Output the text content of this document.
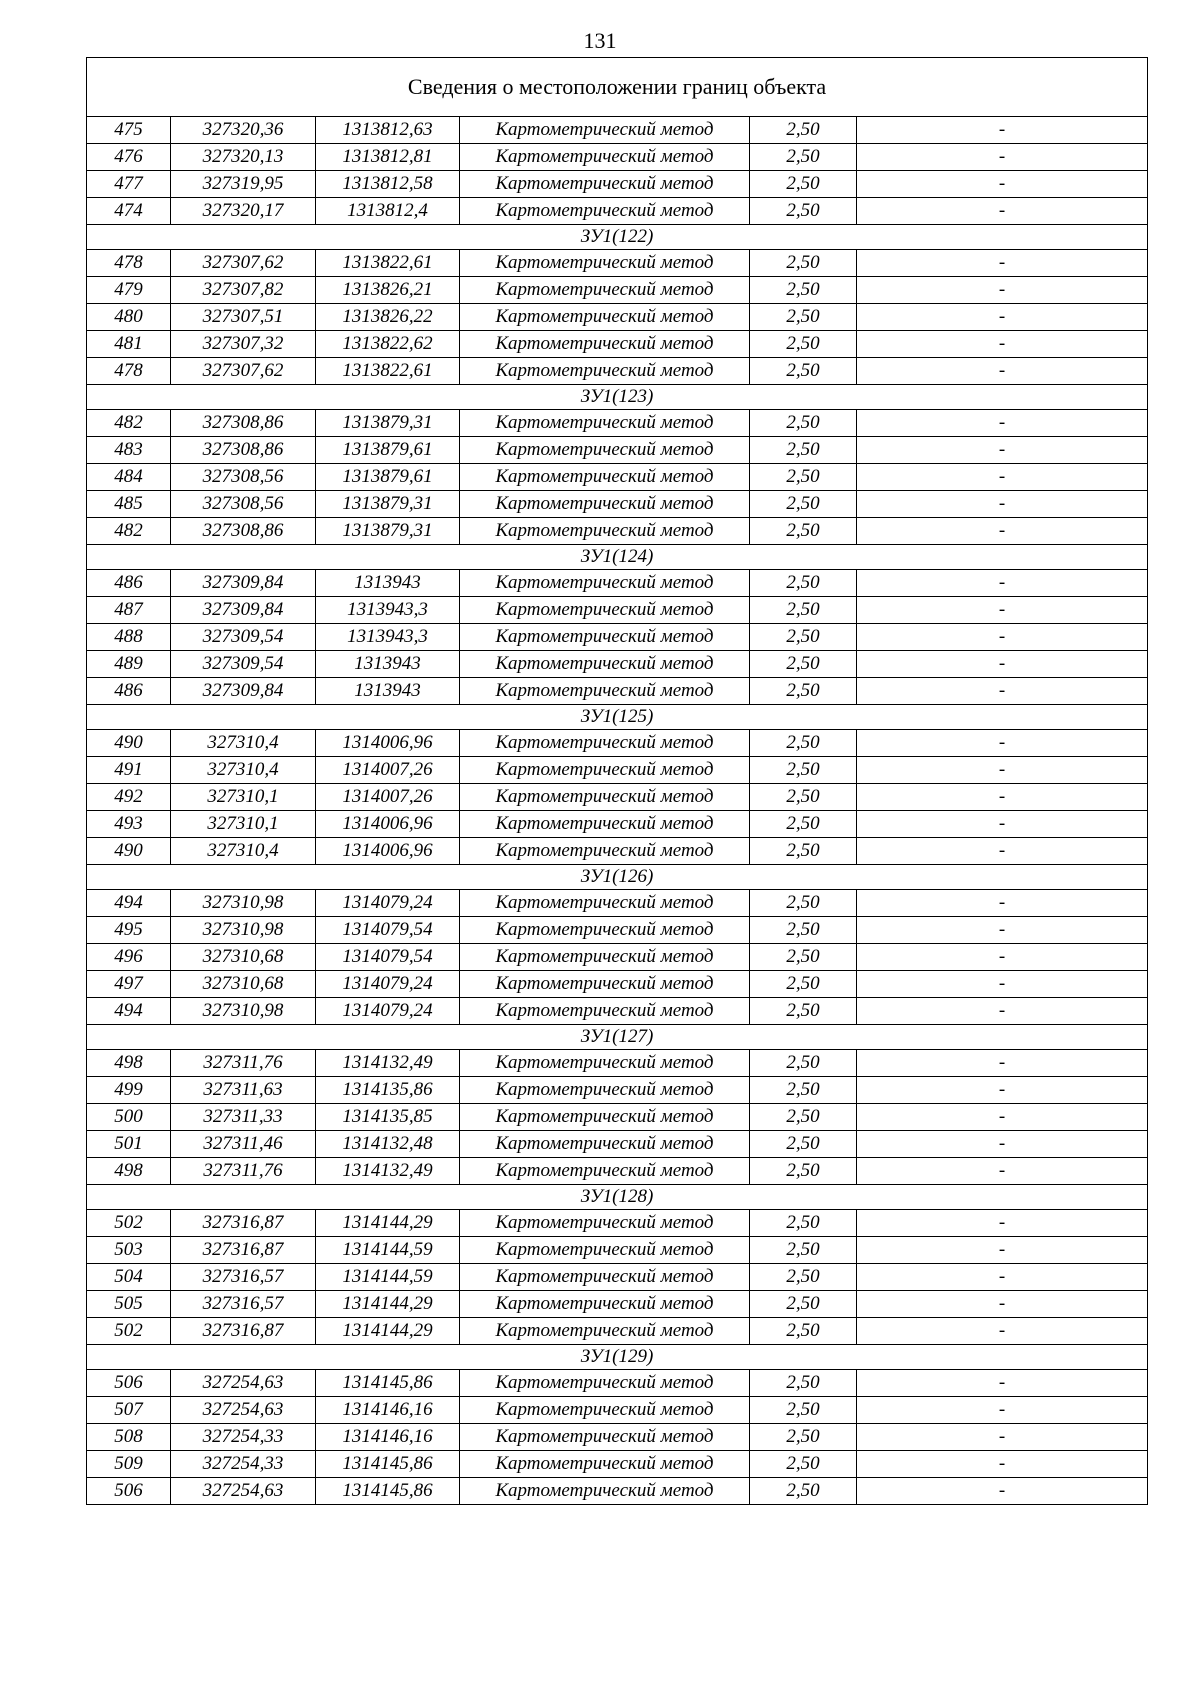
131
Сведения о местоположении границ объекта					
475	327320,36	1313812,63	Картометрический метод	2,50	-
476	327320,13	1313812,81	Картометрический метод	2,50	-
477	327319,95	1313812,58	Картометрический метод	2,50	-
474	327320,17	1313812,4	Картометрический метод	2,50	-
ЗУ1(122)					
478	327307,62	1313822,61	Картометрический метод	2,50	-
479	327307,82	1313826,21	Картометрический метод	2,50	-
480	327307,51	1313826,22	Картометрический метод	2,50	-
481	327307,32	1313822,62	Картометрический метод	2,50	-
478	327307,62	1313822,61	Картометрический метод	2,50	-
ЗУ1(123)					
482	327308,86	1313879,31	Картометрический метод	2,50	-
483	327308,86	1313879,61	Картометрический метод	2,50	-
484	327308,56	1313879,61	Картометрический метод	2,50	-
485	327308,56	1313879,31	Картометрический метод	2,50	-
482	327308,86	1313879,31	Картометрический метод	2,50	-
ЗУ1(124)					
486	327309,84	1313943	Картометрический метод	2,50	-
487	327309,84	1313943,3	Картометрический метод	2,50	-
488	327309,54	1313943,3	Картометрический метод	2,50	-
489	327309,54	1313943	Картометрический метод	2,50	-
486	327309,84	1313943	Картометрический метод	2,50	-
ЗУ1(125)					
490	327310,4	1314006,96	Картометрический метод	2,50	-
491	327310,4	1314007,26	Картометрический метод	2,50	-
492	327310,1	1314007,26	Картометрический метод	2,50	-
493	327310,1	1314006,96	Картометрический метод	2,50	-
490	327310,4	1314006,96	Картометрический метод	2,50	-
ЗУ1(126)					
494	327310,98	1314079,24	Картометрический метод	2,50	-
495	327310,98	1314079,54	Картометрический метод	2,50	-
496	327310,68	1314079,54	Картометрический метод	2,50	-
497	327310,68	1314079,24	Картометрический метод	2,50	-
494	327310,98	1314079,24	Картометрический метод	2,50	-
ЗУ1(127)					
498	327311,76	1314132,49	Картометрический метод	2,50	-
499	327311,63	1314135,86	Картометрический метод	2,50	-
500	327311,33	1314135,85	Картометрический метод	2,50	-
501	327311,46	1314132,48	Картометрический метод	2,50	-
498	327311,76	1314132,49	Картометрический метод	2,50	-
ЗУ1(128)					
502	327316,87	1314144,29	Картометрический метод	2,50	-
503	327316,87	1314144,59	Картометрический метод	2,50	-
504	327316,57	1314144,59	Картометрический метод	2,50	-
505	327316,57	1314144,29	Картометрический метод	2,50	-
502	327316,87	1314144,29	Картометрический метод	2,50	-
ЗУ1(129)					
506	327254,63	1314145,86	Картометрический метод	2,50	-
507	327254,63	1314146,16	Картометрический метод	2,50	-
508	327254,33	1314146,16	Картометрический метод	2,50	-
509	327254,33	1314145,86	Картометрический метод	2,50	-
506	327254,63	1314145,86	Картометрический метод	2,50	-
